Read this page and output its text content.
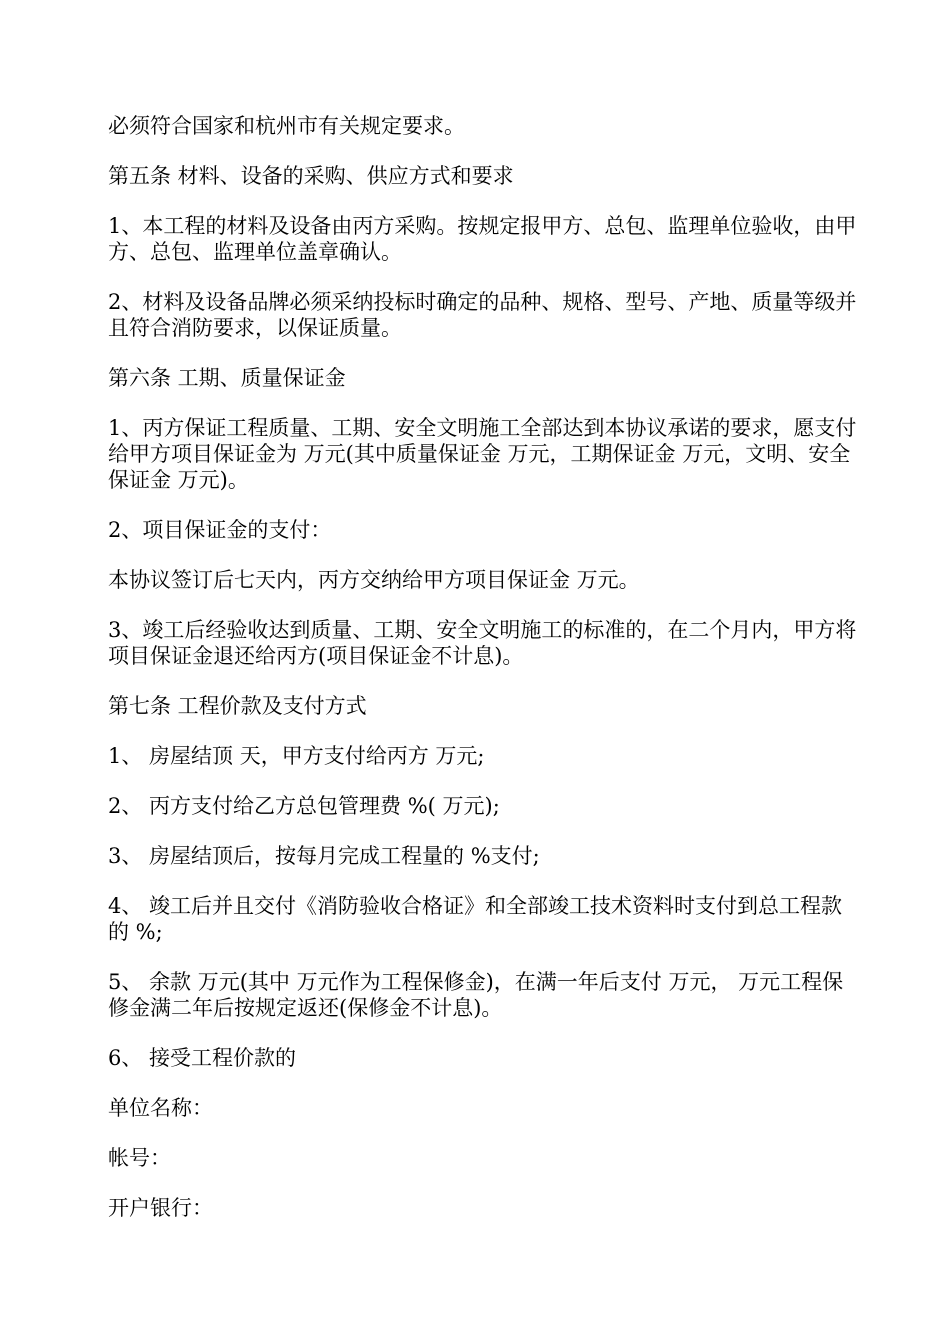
必须符合国家和杭州市有关规定要求。

第五条 材料、设备的采购、供应方式和要求

1、本工程的材料及设备由丙方采购。按规定报甲方、总包、监理单位验收，由甲方、总包、监理单位盖章确认。

2、材料及设备品牌必须采纳投标时确定的品种、规格、型号、产地、质量等级并且符合消防要求，以保证质量。

第六条 工期、质量保证金

1、丙方保证工程质量、工期、安全文明施工全部达到本协议承诺的要求，愿支付给甲方项目保证金为 万元(其中质量保证金 万元，工期保证金 万元，文明、安全保证金 万元)。

2、项目保证金的支付：

本协议签订后七天内，丙方交纳给甲方项目保证金 万元。

3、竣工后经验收达到质量、工期、安全文明施工的标准的，在二个月内，甲方将项目保证金退还给丙方(项目保证金不计息)。

第七条 工程价款及支付方式

1、 房屋结顶 天，甲方支付给丙方 万元;

2、 丙方支付给乙方总包管理费 %( 万元);

3、 房屋结顶后，按每月完成工程量的 %支付;

4、 竣工后并且交付《消防验收合格证》和全部竣工技术资料时支付到总工程款的 %;

5、 余款 万元(其中 万元作为工程保修金)，在满一年后支付 万元， 万元工程保修金满二年后按规定返还(保修金不计息)。

6、 接受工程价款的

单位名称：

帐号：

开户银行：
